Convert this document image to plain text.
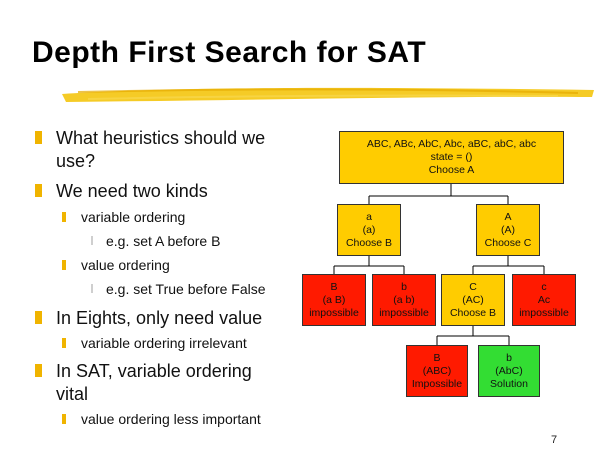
Depth First Search for SAT
What heuristics should we
use?
We need two kinds
variable ordering
e.g. set A before B
value ordering
e.g. set True before False
In Eights, only need value
variable ordering irrelevant
In SAT, variable ordering
vital
value ordering less important
ABC, ABc, AbC, Abc, aBC, abC, abc
state = ()
Choose A
a
(a)
Choose B
A
(A)
Choose C
B
(a B)
impossible
b
(a b)
impossible
C
(AC)
Choose B
c
Ac
impossible
B
(ABC)
Impossible
b
(AbC)
Solution
7
